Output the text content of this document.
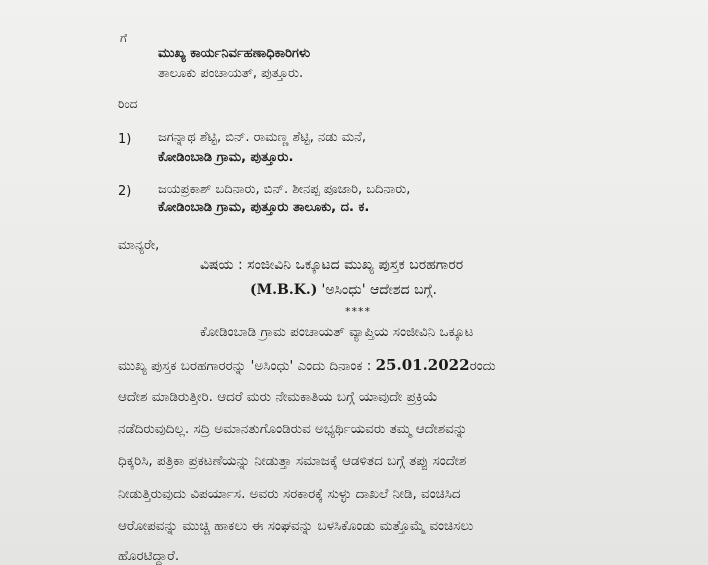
ಗೆ
ಮುಖ್ಯ ಕಾರ್ಯನಿರ್ವಹಣಾಧಿಕಾರಿಗಳು
ತಾಲೂಕು ಪಂಚಾಯತ್, ಪುತ್ತೂರು.
ರಿಂದ
1) ಜಗನ್ನಾಥ ಶೆಟ್ಟಿ, ಬಿನ್. ರಾಮಣ್ಣ ಶೆಟ್ಟಿ, ನಡು ಮನೆ,
ಕೋಡಿಂಬಾಡಿ ಗ್ರಾಮ, ಪುತ್ತೂರು.
2) ಜಯಪ್ರಕಾಶ್ ಬದಿನಾರು, ಬಿನ್. ಶೀನಪ್ಪ ಪೂಜಾರಿ, ಬದಿನಾರು,
ಕೋಡಿಂಬಾಡಿ ಗ್ರಾಮ, ಪುತ್ತೂರು ತಾಲೂಕು, ದ. ಕ.
ಮಾನ್ಯರೇ,
ವಿಷಯ : ಸಂಜೀವಿನಿ ಒಕ್ಕೂಟದ ಮುಖ್ಯ ಪುಸ್ತಕ ಬರಹಗಾರರ
(M.B.K.) 'ಅಸಿಂಧು' ಆದೇಶದ ಬಗ್ಗೆ.
****
ಕೋಡಿಂಬಾಡಿ ಗ್ರಾಮ ಪಂಚಾಯತ್ ವ್ಯಾಪ್ತಿಯ ಸಂಜೀವಿನಿ ಒಕ್ಕೂಟ
ಮುಖ್ಯ ಪುಸ್ತಕ ಬರಹಗಾರರನ್ನು 'ಅಸಿಂಧು' ಎಂದು ದಿನಾಂಕ : 25.01.2022ರಂದು
ಆದೇಶ ಮಾಡಿರುತ್ತೀರಿ. ಆದರೆ ಮರು ನೇಮಕಾತಿಯ ಬಗ್ಗೆ ಯಾವುದೇ ಪ್ರಕ್ರಿಯೆ
ನಡೆದಿರುವುದಿಲ್ಲ. ಸದ್ರಿ ಅಮಾನತುಗೊಂಡಿರುವ ಅಭ್ಯರ್ಥಿಯವರು ತಮ್ಮ ಆದೇಶವನ್ನು
ಧಿಕ್ಕರಿಸಿ, ಪತ್ರಿಕಾ ಪ್ರಕಟಣೆಯನ್ನು ನೀಡುತ್ತಾ ಸಮಾಜಕ್ಕೆ ಆಡಳಿತದ ಬಗ್ಗೆ ತಪ್ಪು ಸಂದೇಶ
ನೀಡುತ್ತಿರುವುದು ವಿಪರ್ಯಾಸ. ಅವರು ಸರಕಾರಕ್ಕೆ ಸುಳ್ಳು ದಾಖಲೆ ನೀಡಿ, ವಂಚಿಸಿದ
ಆರೋಪವನ್ನು ಮುಚ್ಚಿ ಹಾಕಲು ಈ ಸಂಘವನ್ನು ಬಳಸಿಕೊಂಡು ಮತ್ತೊಮ್ಮೆ ವಂಚಿಸಲು
ಹೊರಟಿದ್ದಾರೆ.
